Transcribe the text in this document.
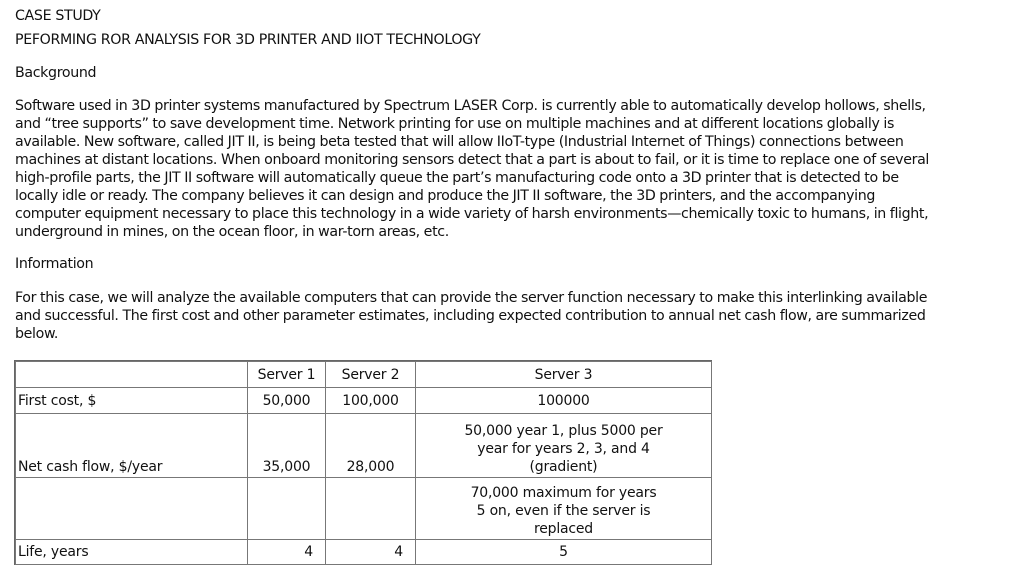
CASE STUDY
PEFORMING ROR ANALYSIS FOR 3D PRINTER AND IIOT TECHNOLOGY
Background
Software used in 3D printer systems manufactured by Spectrum LASER Corp. is currently able to automatically develop hollows, shells,
and “tree supports” to save development time. Network printing for use on multiple machines and at different locations globally is
available. New software, called JIT II, is being beta tested that will allow IIoT-type (Industrial Internet of Things) connections between
machines at distant locations. When onboard monitoring sensors detect that a part is about to fail, or it is time to replace one of several
high-profile parts, the JIT II software will automatically queue the part’s manufacturing code onto a 3D printer that is detected to be
locally idle or ready. The company believes it can design and produce the JIT II software, the 3D printers, and the accompanying
computer equipment necessary to place this technology in a wide variety of harsh environments—chemically toxic to humans, in flight,
underground in mines, on the ocean floor, in war-torn areas, etc.
Information
For this case, we will analyze the available computers that can provide the server function necessary to make this interlinking available
and successful. The first cost and other parameter estimates, including expected contribution to annual net cash flow, are summarized
below.
	Server 1	Server 2	Server 3
First cost, $	50,000	100,000	100000
Net cash flow, $/year	35,000	28,000	50,000 year 1, plus 5000 per
year for years 2, 3, and 4
(gradient)

			70,000 maximum for years
5 on, even if the server is
replaced

Life, years	4	4	5
